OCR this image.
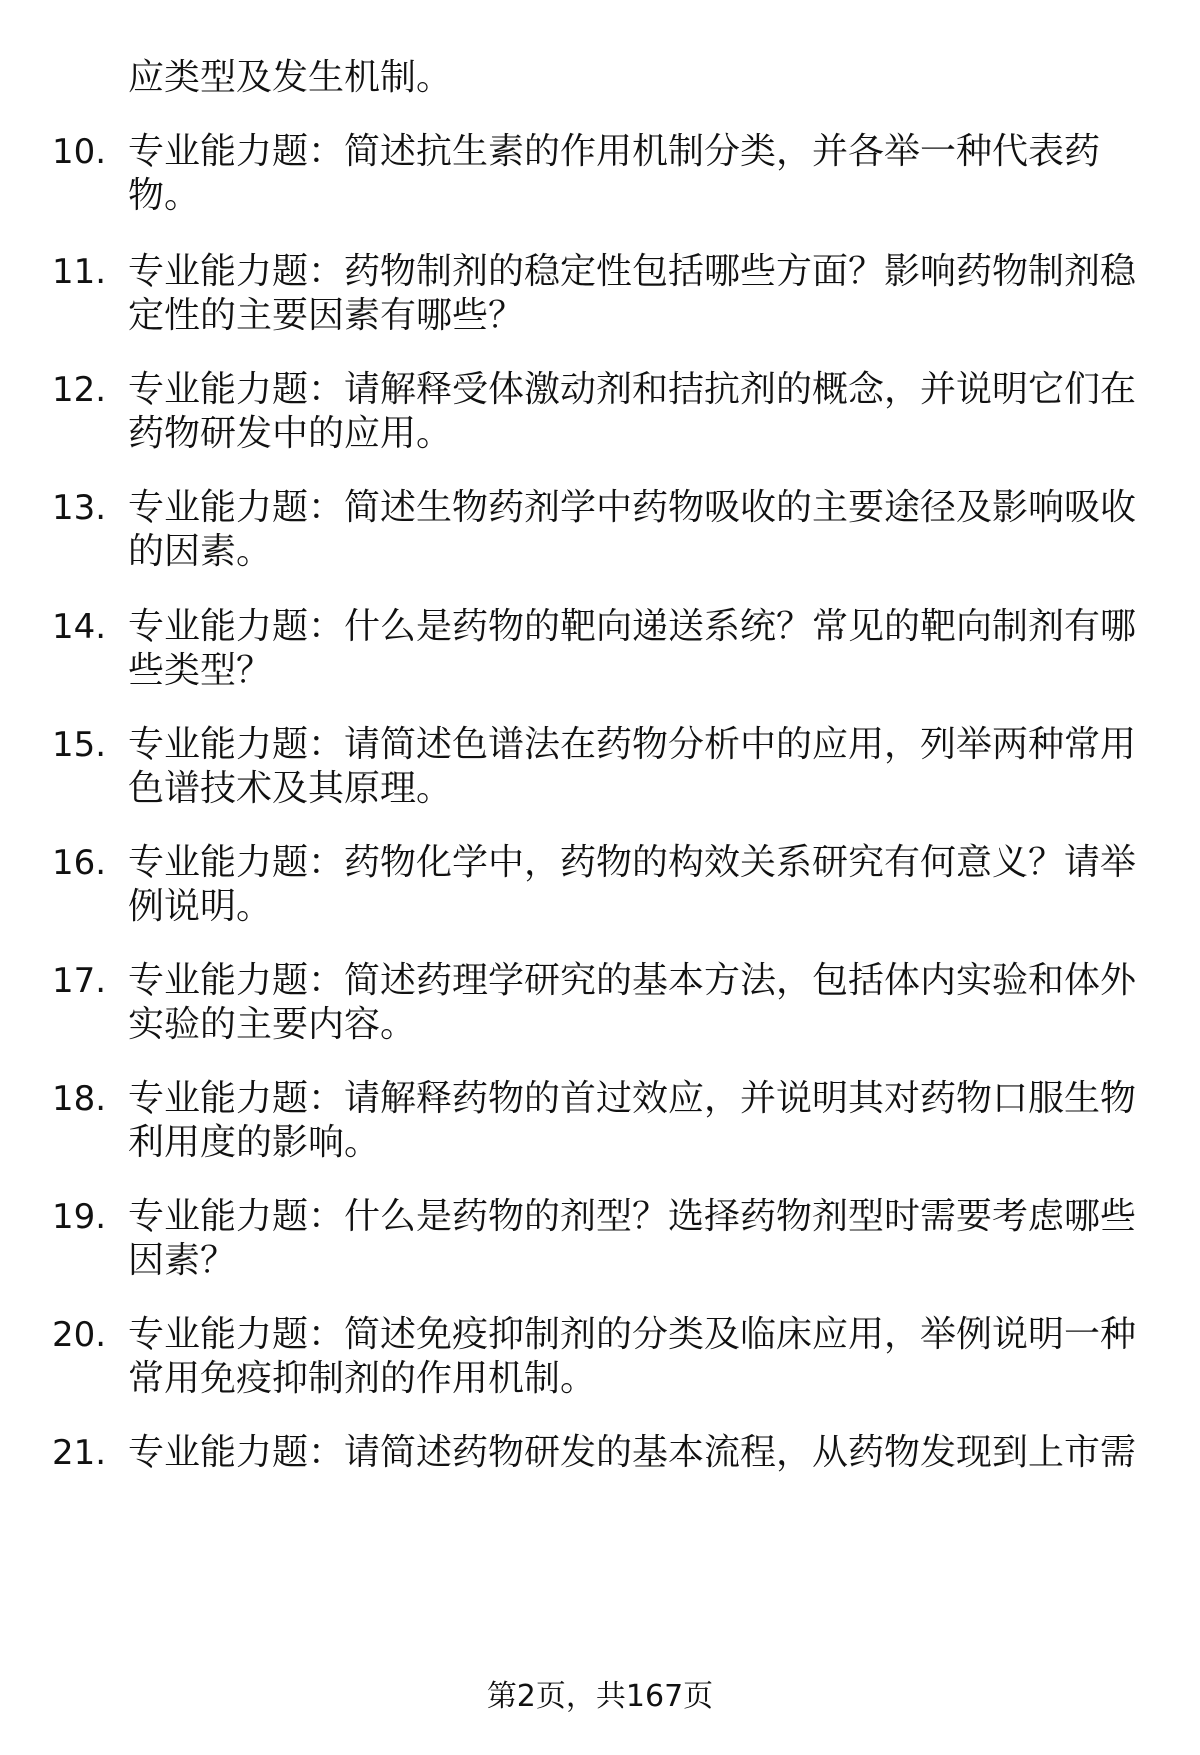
应类型及发生机制。
10. 专业能力题：简述抗生素的作用机制分类，并各举一种代表药
物。
11. 专业能力题：药物制剂的稳定性包括哪些方面？影响药物制剂稳
定性的主要因素有哪些？
12. 专业能力题：请解释受体激动剂和拮抗剂的概念，并说明它们在
药物研发中的应用。
13. 专业能力题：简述生物药剂学中药物吸收的主要途径及影响吸收
的因素。
14. 专业能力题：什么是药物的靶向递送系统？常见的靶向制剂有哪
些类型？
15. 专业能力题：请简述色谱法在药物分析中的应用，列举两种常用
色谱技术及其原理。
16. 专业能力题：药物化学中，药物的构效关系研究有何意义？请举
例说明。
17. 专业能力题：简述药理学研究的基本方法，包括体内实验和体外
实验的主要内容。
18. 专业能力题：请解释药物的首过效应，并说明其对药物口服生物
利用度的影响。
19. 专业能力题：什么是药物的剂型？选择药物剂型时需要考虑哪些
因素？
20. 专业能力题：简述免疫抑制剂的分类及临床应用，举例说明一种
常用免疫抑制剂的作用机制。
21. 专业能力题：请简述药物研发的基本流程，从药物发现到上市需
第2页，共167页
